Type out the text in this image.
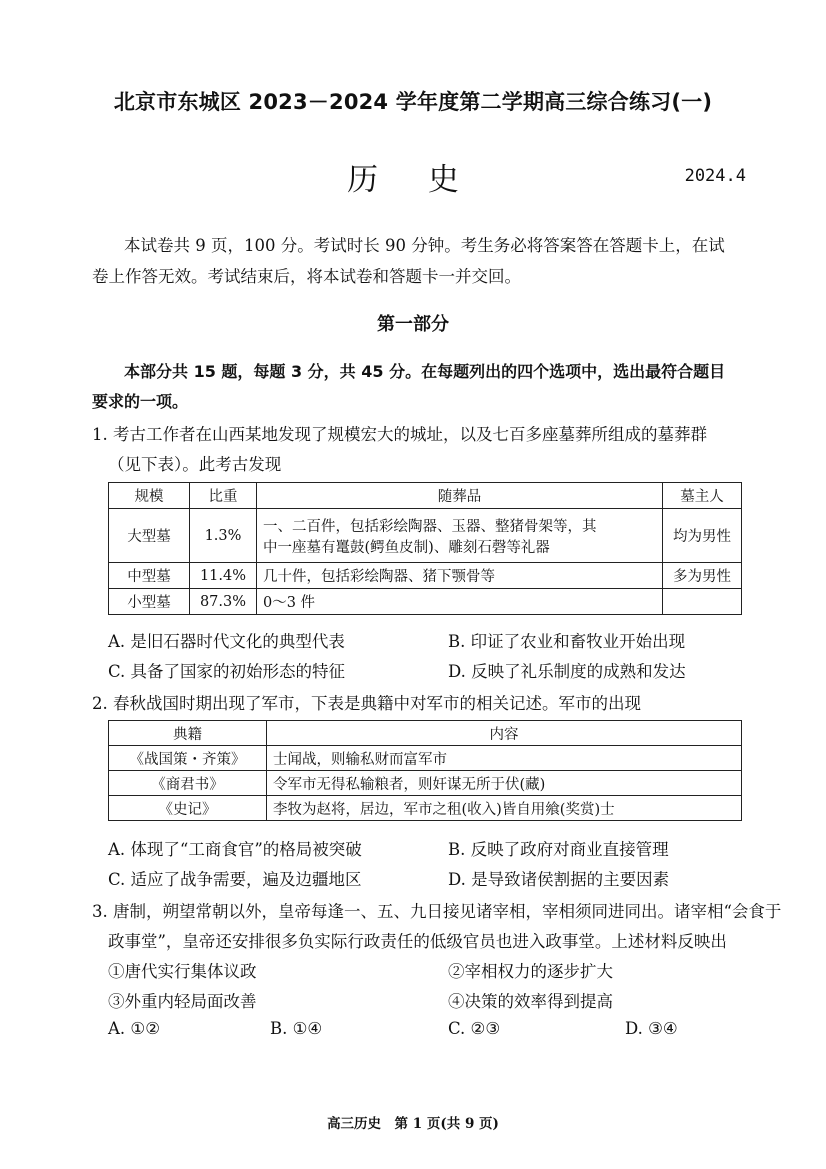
北京市东城区 2023－2024 学年度第二学期高三综合练习(一)
历 史	2024.4
本试卷共 9 页，100 分。考试时长 90 分钟。考生务必将答案答在答题卡上，在试
卷上作答无效。考试结束后，将本试卷和答题卡一并交回。
第一部分
本部分共 15 题，每题 3 分，共 45 分。在每题列出的四个选项中，选出最符合题目
要求的一项。
1. 考古工作者在山西某地发现了规模宏大的城址，以及七百多座墓葬所组成的墓葬群
（见下表）。此考古发现
规模	比重	随葬品	墓主人
大型墓	1.3%	一、二百件，包括彩绘陶器、玉器、整猪骨架等，其
中一座墓有鼍鼓(鳄鱼皮制)、雕刻石磬等礼器	均为男性
中型墓	11.4%	几十件，包括彩绘陶器、猪下颚骨等	多为男性
小型墓	87.3%	0～3 件	
A. 是旧石器时代文化的典型代表	B. 印证了农业和畜牧业开始出现
C. 具备了国家的初始形态的特征	D. 反映了礼乐制度的成熟和发达
2. 春秋战国时期出现了军市，下表是典籍中对军市的相关记述。军市的出现
典籍	内容
《战国策・齐策》	士闻战，则输私财而富军市
《商君书》	令军市无得私输粮者，则奸谋无所于伏(藏)
《史记》	李牧为赵将，居边，军市之租(收入)皆自用飨(奖赏)士
A. 体现了“工商食官”的格局被突破	B. 反映了政府对商业直接管理
C. 适应了战争需要，遍及边疆地区	D. 是导致诸侯割据的主要因素
3. 唐制，朔望常朝以外，皇帝每逢一、五、九日接见诸宰相，宰相须同进同出。诸宰相“会食于
政事堂”，皇帝还安排很多负实际行政责任的低级官员也进入政事堂。上述材料反映出
①唐代实行集体议政	②宰相权力的逐步扩大
③外重内轻局面改善	④决策的效率得到提高
A. ①②	B. ①④	C. ②③	D. ③④
高三历史　第 1 页(共 9 页)
